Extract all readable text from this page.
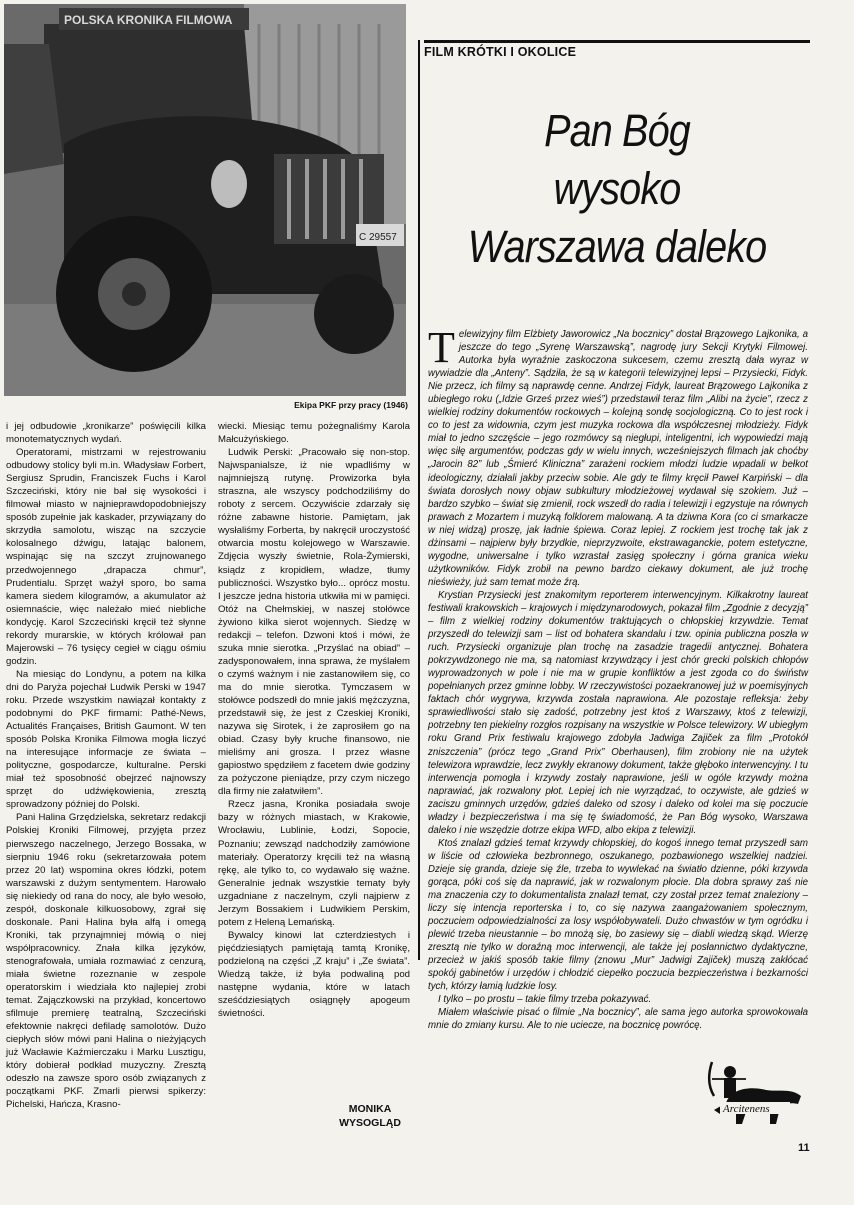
POLSKA KRONIKA FILMOWA
C 29557
Ekipa PKF przy pracy (1946)

i jej odbudowie „kronikarze” poświęcili kilka monotematycznych wydań.

Operatorami, mistrzami w rejestrowaniu odbudowy stolicy byli m.in. Władysław Forbert, Sergiusz Sprudin, Franciszek Fuchs i Karol Szczeciński, który nie bał się wysokości i filmował miasto w najnieprawdopodobniejszy sposób zupełnie jak kaskader, przywiązany do skrzydła samolotu, wisząc na szczycie kolosalnego dźwigu, latając balonem, wspinając się na szczyt zrujnowanego przedwojennego „drapacza chmur”, Prudentialu. Sprzęt ważył sporo, bo sama kamera siedem kilogramów, a akumulator aż osiemnaście, więc należało mieć niebliche kondycję. Karol Szczeciński kręcił też słynne rekordy murarskie, w których królował pan Majerowski – 76 tysięcy cegieł w ciągu ośmiu godzin.

Na miesiąc do Londynu, a potem na kilka dni do Paryża pojechał Ludwik Perski w 1947 roku. Przede wszystkim nawiązał kontakty z podobnymi do PKF firmami: Pathé-News, Actualités Françaises, British Gaumont. W ten sposób Polska Kronika Filmowa mogła liczyć na interesujące informacje ze świata – polityczne, gospodarcze, kulturalne. Perski miał też sposobność obejrzeć najnowszy sprzęt do udźwiękowienia, zresztą sprowadzony później do Polski.

Pani Halina Grzędzielska, sekretarz redakcji Polskiej Kroniki Filmowej, przyjęta przez pierwszego naczelnego, Jerzego Bossaka, w sierpniu 1946 roku (sekretarzowała potem przez 20 lat) wspomina okres łódzki, potem warszawski z dużym sentymentem. Harowało się niekiedy od rana do nocy, ale było wesoło, zespół, doskonale kilkuosobowy, zgrał się doskonale. Pani Halina była alfą i omegą Kroniki, tak przynajmniej mówią o niej współpracownicy. Znała kilka języków, stenografowała, umiała rozmawiać z cenzurą, miała świetne rozeznanie w zespole operatorskim i wiedziała kto najlepiej zrobi temat. Zajączkowski na przykład, koncertowo sfilmuje premierę teatralną, Szczeciński efektownie nakręci defiladę samolotów. Dużo ciepłych słów mówi pani Halina o nieżyjących już Wacławie Kaźmierczaku i Marku Lusztigu, który dobierał podkład muzyczny. Zresztą odeszło na zawsze sporo osób związanych z początkami PKF. Zmarli pierwsi spikerzy: Pichelski, Hańcza, Krasno-

wiecki. Miesiąc temu pożegnaliśmy Karola Małcużyńskiego.

Ludwik Perski: „Pracowało się non-stop. Najwspanialsze, iż nie wpadliśmy w najmniejszą rutynę. Prowizorka była straszna, ale wszyscy podchodziliśmy do roboty z sercem. Oczywiście zdarzały się różne zabawne historie. Pamiętam, jak wysłaliśmy Forberta, by nakręcił uroczystość otwarcia mostu kolejowego w Warszawie. Zdjęcia wyszły świetnie, Rola-Żymierski, ksiądz z kropidłem, władze, tłumy publiczności. Wszystko było... oprócz mostu. I jeszcze jedna historia utkwiła mi w pamięci. Otóż na Chełmskiej, w naszej stołówce żywiono kilka sierot wojennych. Siedzę w redakcji – telefon. Dzwoni ktoś i mówi, że szuka mnie sierotka. „Przyślać na obiad” – zadysponowałem, inna sprawa, że myślałem o czymś ważnym i nie zastanowiłem się, co ma do mnie sierotka. Tymczasem w stołówce podszedł do mnie jakiś mężczyzna, przedstawił się, że jest z Czeskiej Kroniki, nazywa się Sirotek, i że zaprosiłem go na obiad. Czasy były kruche finansowo, nie mieliśmy ani grosza. I przez własne gapiostwo spędziłem z facetem dwie godziny za pożyczone pieniądze, przy czym niczego dla firmy nie załatwiłem”.

Rzecz jasna, Kronika posiadała swoje bazy w różnych miastach, w Krakowie, Wrocławiu, Lublinie, Łodzi, Sopocie, Poznaniu; zewsząd nadchodziły zamówione materiały. Operatorzy kręcili też na własną rękę, ale tylko to, co wydawało się ważne. Generalnie jednak wszystkie tematy były uzgadniane z naczelnym, czyli najpierw z Jerzym Bossakiem i Ludwikiem Perskim, potem z Heleną Lemańską.

Bywalcy kinowi lat czterdziestych i pięćdziesiątych pamiętają tamtą Kronikę, podzieloną na części „Z kraju” i „Ze świata”. Wiedzą także, iż była podwaliną pod następne wydania, które w latach sześćdziesiątych osiągnęły apogeum świetności.

MONIKA
WYSOGLĄD
FILM KRÓTKI I OKOLICE
Pan Bóg
wysoko
Warszawa daleko

Telewizyjny film Elżbiety Jaworowicz „Na bocznicy” dostał Brązowego Lajkonika, a jeszcze do tego „Syrenę Warszawską”, nagrodę jury Sekcji Krytyki Filmowej. Autorka była wyraźnie zaskoczona sukcesem, czemu zresztą dała wyraz w wywiadzie dla „Anteny”. Sądziła, że są w kategorii telewizyjnej lepsi – Przysiecki, Fidyk. Nie przecz, ich filmy są naprawdę cenne. Andrzej Fidyk, laureat Brązowego Lajkonika z ubiegłego roku („Idzie Grześ przez wieś”) przedstawił teraz film „Alibi na życie”, rzecz z wielkiej rodziny dokumentów rockowych – kolejną sondę socjologiczną. Co to jest rock i co to jest za widownia, czym jest muzyka rockowa dla współczesnej młodzieży. Fidyk miał to jedno szczęście – jego rozmówcy są niegłupi, inteligentni, ich wypowiedzi mają więc siłę argumentów, podczas gdy w wielu innych, wcześniejszych filmach jak choćby „Jarocin 82” lub „Śmierć Kliniczna” zarażeni rockiem młodzi ludzie wpadali w bełkot ideologiczny, działali jakby przeciw sobie. Ale gdy te filmy kręcił Paweł Karpiński – dla świata dorosłych nowy objaw subkultury młodzieżowej wydawał się szokiem. Już – bardzo szybko – świat się zmienił, rock wszedł do radia i telewizji i egzystuje na równych prawach z Mozartem i muzyką folklorem malowaną. A ta dziwna Kora (co ci smarkacze w niej widzą) proszę, jak ładnie śpiewa. Coraz lepiej. Z rockiem jest trochę tak jak z dżinsami – najpierw były brzydkie, nieprzyzwoite, ekstrawaganckie, potem estetyczne, wygodne, uniwersalne i tylko wzrastał zasięg społeczny i górna granica wieku użytkowników. Fidyk zrobił na pewno bardzo ciekawy dokument, ale już trochę nieświeży, już sam temat może źrą.

Krystian Przysiecki jest znakomitym reporterem interwencyjnym. Kilkakrotny laureat festiwali krakowskich – krajowych i międzynarodowych, pokazał film „Zgodnie z decyzją” – film z wielkiej rodziny dokumentów traktujących o chłopskiej krzywdzie. Temat przyszedł do telewizji sam – list od bohatera skandalu i tzw. opinia publiczna poszła w ruch. Przysiecki organizuje plan trochę na zasadzie tragedii antycznej. Bohatera pokrzywdzonego nie ma, są natomiast krzywdzący i jest chór grecki polskich chłopów wyprowadzonych w pole i nie ma w grupie konfliktów a jest zgoda co do świństw popełnianych przez gminne lobby. W rzeczywistości pozaekranowej już w poemisyjnych faktach chór wygrywa, krzywda została naprawiona. Ale pozostaje refleksja: żeby sprawiedliwości stało się zadość, potrzebny jest ktoś z Warszawy, ktoś z telewizji, potrzebny ten piekielny rozgłos rozpisany na wszystkie w Polsce telewizory. W ubiegłym roku Grand Prix festiwalu krajowego zdobyła Jadwiga Zajiček za film „Protokół zniszczenia” (prócz tego „Grand Prix” Oberhausen), film zrobiony nie na użytek telewizora wprawdzie, lecz zwykły ekranowy dokument, także głęboko interwencyjny. I tu interwencja pomogła i krzywdy zostały naprawione, jeśli w ogóle krzywdy można naprawiać, jak rozwalony płot. Lepiej ich nie wyrządzać, to oczywiste, ale gdzieś w zaciszu gminnych urzędów, gdzieś daleko od szosy i daleko od kolei ma się poczucie władzy i bezpieczeństwa i ma się tę świadomość, że Pan Bóg wysoko, Warszawa daleko i nie wszędzie dotrze ekipa WFD, albo ekipa z telewizji.

Ktoś znalazł gdzieś temat krzywdy chłopskiej, do kogoś innego temat przyszedł sam w liście od człowieka bezbronnego, oszukanego, pozbawionego wszelkiej nadziei. Dzieje się granda, dzieje się źle, trzeba to wywlekać na światło dzienne, póki krzywda gorąca, póki coś się da naprawić, jak w rozwalonym płocie. Dla dobra sprawy zaś nie ma znaczenia czy to dokumentalista znalazł temat, czy został przez temat znaleziony – liczy się intencja reporterska i to, co się nazywa zaangażowaniem społecznym, poczuciem odpowiedzialności za losy współobywateli. Dużo chwastów w tym ogródku i plewić trzeba nieustannie – bo mnożą się, bo zasiewy się – diabli wiedzą skąd. Wierzę zresztą nie tylko w doraźną moc interwencji, ale także jej posłannictwo dydaktyczne, przecież w jakiś sposób takie filmy (znowu „Mur” Jadwigi Zajiček) muszą zakłócać spokój gabinetów i urzędów i chłodzić ciepełko poczucia bezpieczeństwa i bezkarności tych, którzy łamią ludzkie losy.

I tylko – po prostu – takie filmy trzeba pokazywać.

Miałem właściwie pisać o filmie „Na bocznicy”, ale sama jego autorka sprowokowała mnie do zmiany kursu. Ale to nie uciecze, na bocznicę powrócę.

Arcitenens
11
